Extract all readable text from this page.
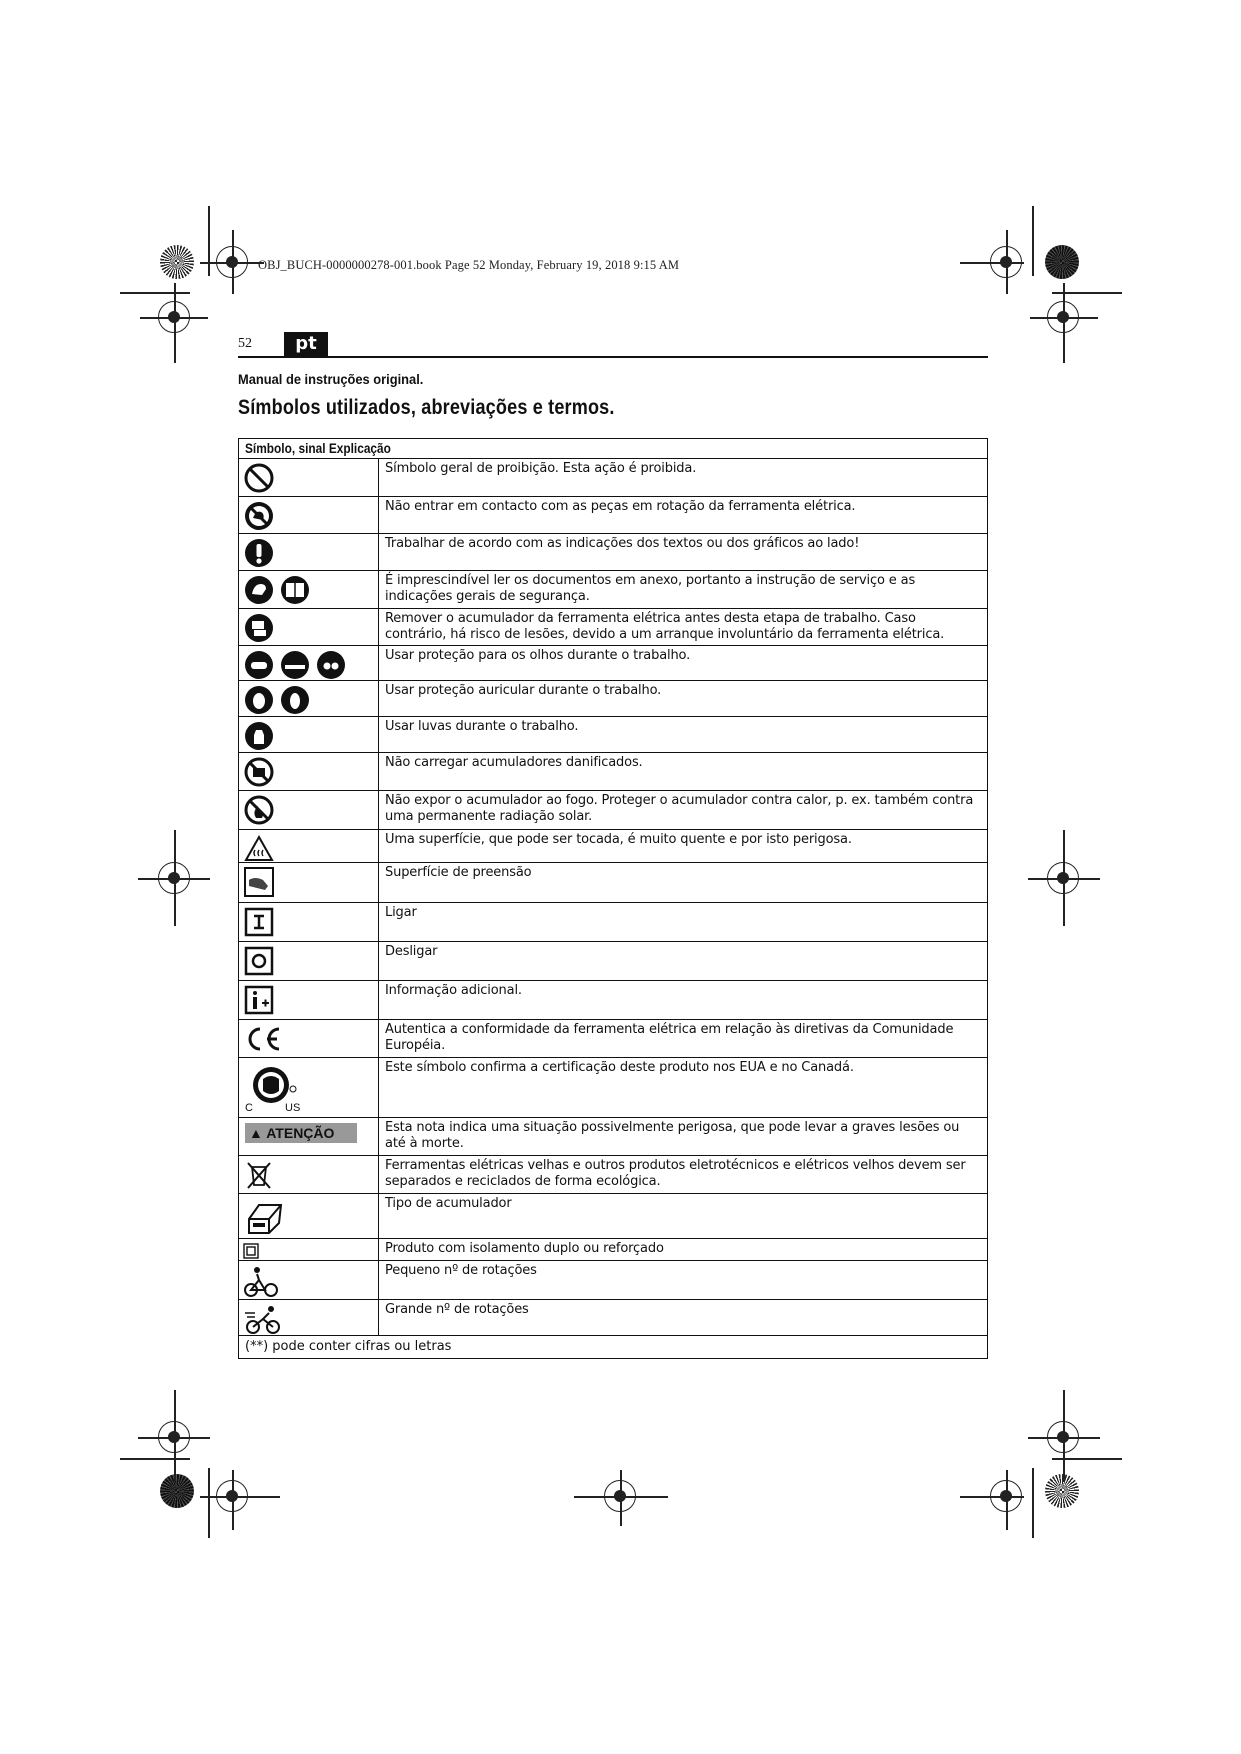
OBJ_BUCH-0000000278-001.book Page 52 Monday, February 19, 2018 9:15 AM
52	pt
Manual de instruções original.
Símbolos utilizados, abreviações e termos.
Símbolo, sinal Explicação
Símbolo geral de proibição. Esta ação é proibida.
Não entrar em contacto com as peças em rotação da ferramenta elétrica.
Trabalhar de acordo com as indicações dos textos ou dos gráficos ao lado!
É imprescindível ler os documentos em anexo, portanto a instrução de serviço e as indicações gerais de segurança.
Remover o acumulador da ferramenta elétrica antes desta etapa de trabalho. Caso contrário, há risco de lesões, devido a um arranque involuntário da ferramenta elétrica.
Usar proteção para os olhos durante o trabalho.
Usar proteção auricular durante o trabalho.
Usar luvas durante o trabalho.
Não carregar acumuladores danificados.
Não expor o acumulador ao fogo. Proteger o acumulador contra calor, p. ex. também contra uma permanente radiação solar.
Uma superfície, que pode ser tocada, é muito quente e por isto perigosa.
Superfície de preensão
Ligar
Desligar
Informação adicional.
Autentica a conformidade da ferramenta elétrica em relação às diretivas da Comunidade Européia.
C	US
Este símbolo confirma a certificação deste produto nos EUA e no Canadá.
▲ ATENÇÃO	Esta nota indica uma situação possivelmente perigosa, que pode levar a graves lesões ou até à morte.
Ferramentas elétricas velhas e outros produtos eletrotécnicos e elétricos velhos devem ser separados e reciclados de forma ecológica.
Tipo de acumulador
Produto com isolamento duplo ou reforçado
Pequeno nº de rotações
Grande nº de rotações
(**) pode conter cifras ou letras
